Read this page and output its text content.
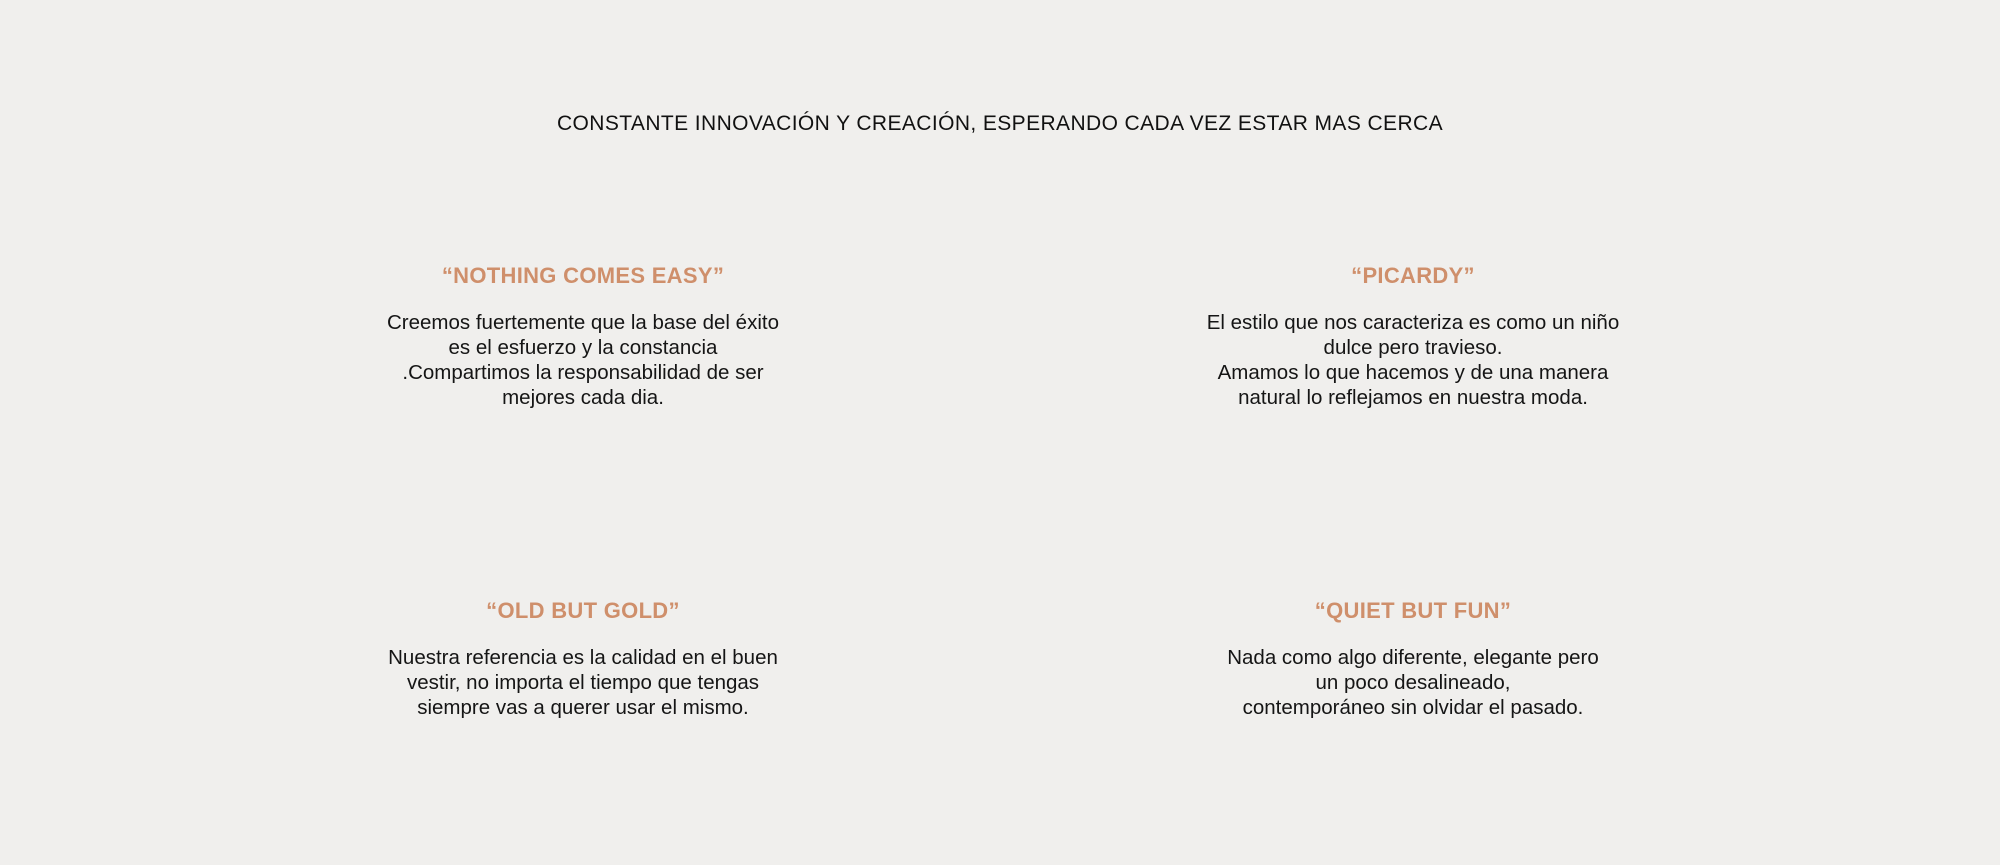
CONSTANTE INNOVACIÓN Y CREACIÓN, ESPERANDO CADA VEZ ESTAR MAS CERCA
“NOTHING COMES EASY”

Creemos fuertemente que la base del éxito
es el esfuerzo y la constancia
.Compartimos la responsabilidad de ser
mejores cada dia.

“PICARDY”

El estilo que nos caracteriza es como un niño
dulce pero travieso.
Amamos lo que hacemos y de una manera
natural lo reflejamos en nuestra moda.

“OLD BUT GOLD”

Nuestra referencia es la calidad en el buen
vestir, no importa el tiempo que tengas
siempre vas a querer usar el mismo.

“QUIET BUT FUN”

Nada como algo diferente, elegante pero
un poco desalineado,
contemporáneo sin olvidar el pasado.
